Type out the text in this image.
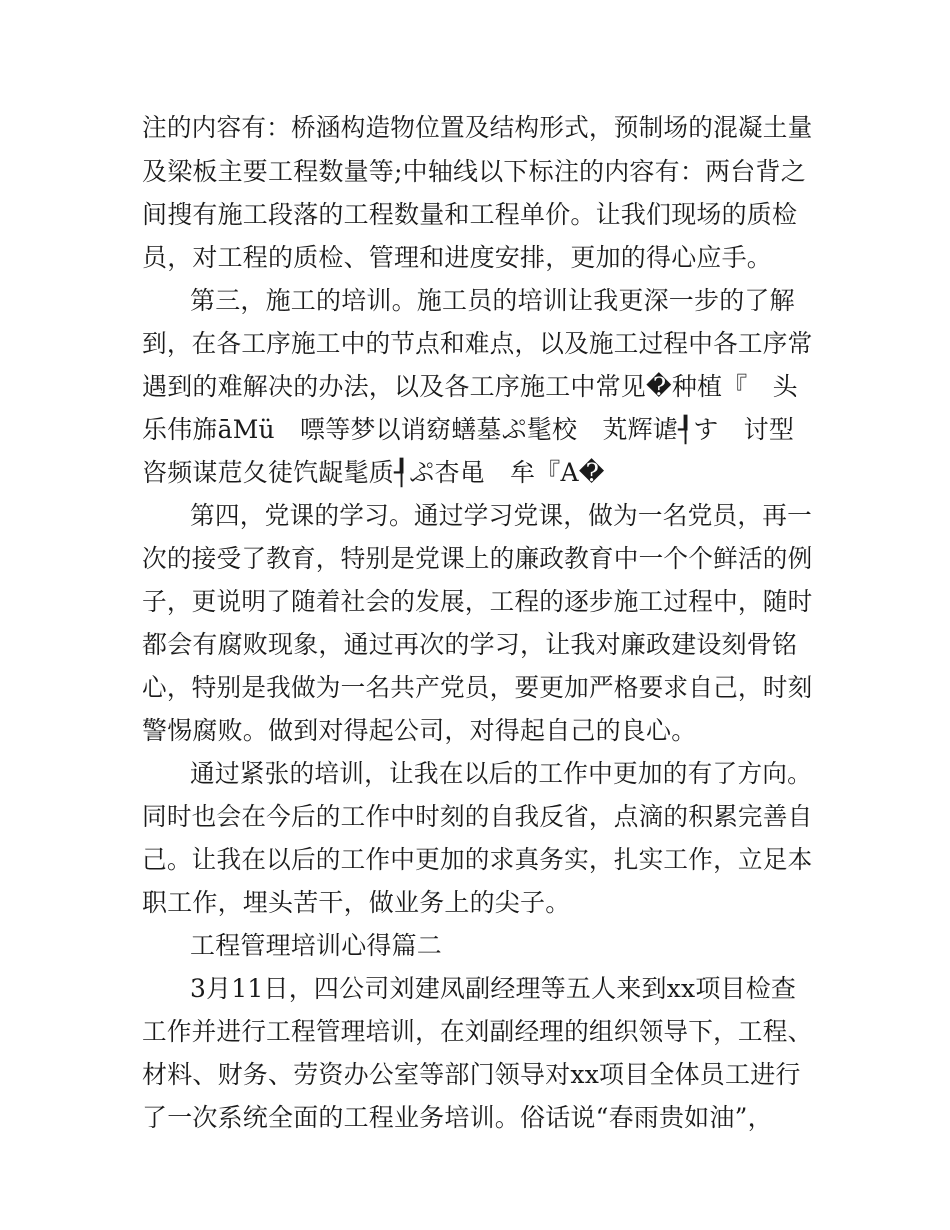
注的内容有：桥涵构造物位置及结构形式，预制场的混凝土量
及梁板主要工程数量等;中轴线以下标注的内容有：两台背之
间搜有施工段落的工程数量和工程单价。让我们现场的质检
员，对工程的质检、管理和进度安排，更加的得心应手。
第三，施工的培训。施工员的培训让我更深一步的了解
到，在各工序施工中的节点和难点，以及施工过程中各工序常
遇到的难解决的办法，以及各工序施工中常见�种植『　头
乐伟旆āMü　嘌等梦以诮窈蟮墓ぷ髦校　芄辉谑┦す　讨型
咨频谋苊夂徒饩龊髦质┦ぷ杏黾　牟『A�
第四，党课的学习。通过学习党课，做为一名党员，再一
次的接受了教育，特别是党课上的廉政教育中一个个鲜活的例
子，更说明了随着社会的发展，工程的逐步施工过程中，随时
都会有腐败现象，通过再次的学习，让我对廉政建设刻骨铭
心，特别是我做为一名共产党员，要更加严格要求自己，时刻
警惕腐败。做到对得起公司，对得起自己的良心。
通过紧张的培训，让我在以后的工作中更加的有了方向。
同时也会在今后的工作中时刻的自我反省，点滴的积累完善自
己。让我在以后的工作中更加的求真务实，扎实工作，立足本
职工作，埋头苦干，做业务上的尖子。
工程管理培训心得篇二
3月11日，四公司刘建凤副经理等五人来到xx项目检查
工作并进行工程管理培训，在刘副经理的组织领导下，工程、
材料、财务、劳资办公室等部门领导对xx项目全体员工进行
了一次系统全面的工程业务培训。俗话说“春雨贵如油”，
